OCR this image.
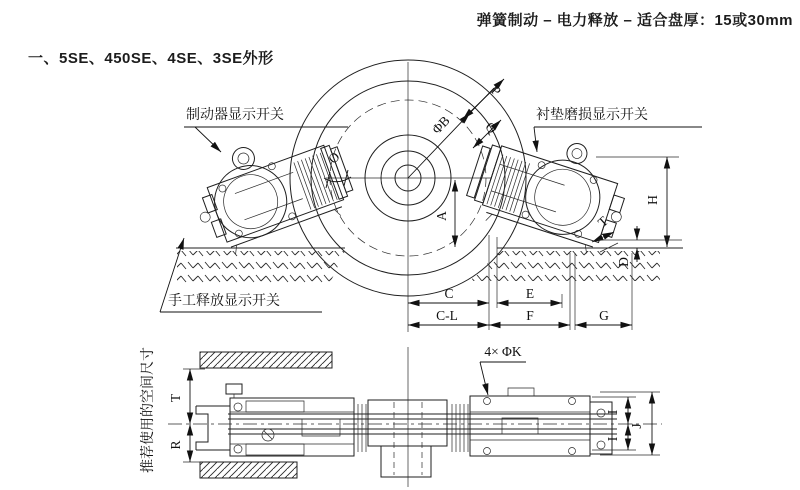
弹簧制动 – 电力释放 – 适合盘厚：15或30mm
一、5SE、450SE、4SE、3SE外形
制动器显示开关	衬垫磨损显示开关
手工释放显示开关
ΦB
P
Q
O
A
H
T
D
C	E
C-L	F	G
推荐使用的空间尺寸 T
R
4× ΦK
I
I
J
